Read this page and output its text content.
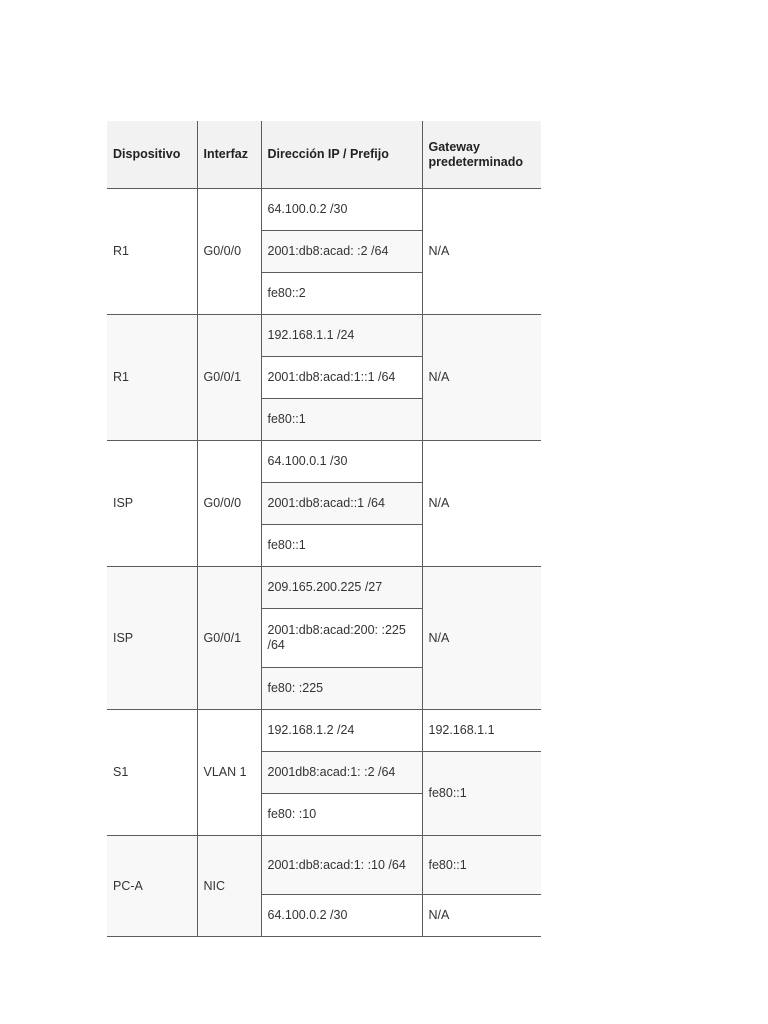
Dispositivo	Interfaz	Dirección IP / Prefijo	Gateway predeterminado
R1	G0/0/0	64.100.0.2 /30	N/A
		2001:db8:acad: :2 /64	
		fe80::2	
R1	G0/0/1	192.168.1.1 /24	N/A
		2001:db8:acad:1::1 /64	
		fe80::1	
ISP	G0/0/0	64.100.0.1 /30	N/A
		2001:db8:acad::1 /64	
		fe80::1	
ISP	G0/0/1	209.165.200.225 /27	N/A
		2001:db8:acad:200: :225 /64	
		fe80: :225	
S1	VLAN 1	192.168.1.2 /24	192.168.1.1
		2001db8:acad:1: :2 /64	fe80::1
		fe80: :10	
PC-A	NIC	2001:db8:acad:1: :10 /64	fe80::1
		64.100.0.2 /30	N/A
